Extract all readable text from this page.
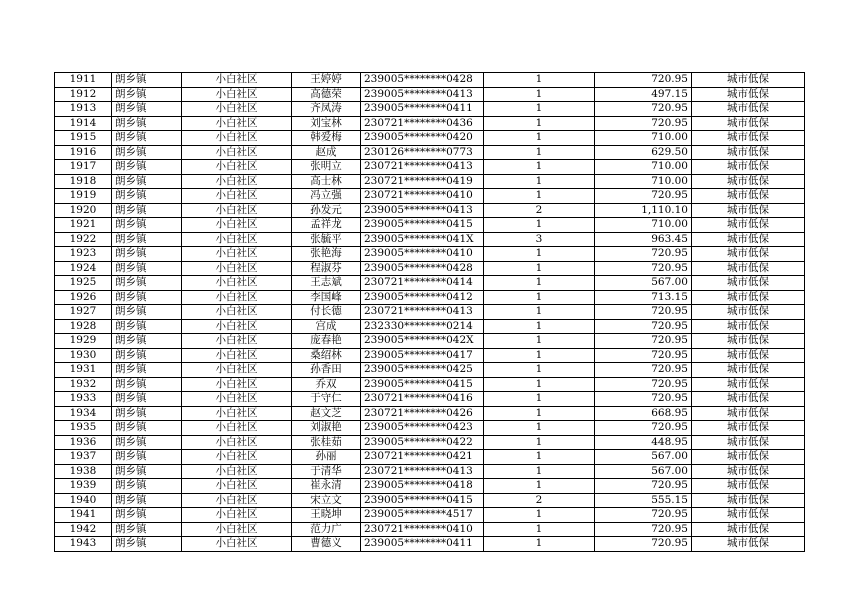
1911	朗乡镇	小白社区	王婷婷	239005********0428	1	720.95	城市低保
1912	朗乡镇	小白社区	高德荣	239005********0413	1	497.15	城市低保
1913	朗乡镇	小白社区	齐凤涛	239005********0411	1	720.95	城市低保
1914	朗乡镇	小白社区	刘宝林	230721********0436	1	720.95	城市低保
1915	朗乡镇	小白社区	韩爱梅	239005********0420	1	710.00	城市低保
1916	朗乡镇	小白社区	赵成	230126********0773	1	629.50	城市低保
1917	朗乡镇	小白社区	张明立	230721********0413	1	710.00	城市低保
1918	朗乡镇	小白社区	高士林	230721********0419	1	710.00	城市低保
1919	朗乡镇	小白社区	冯立强	230721********0410	1	720.95	城市低保
1920	朗乡镇	小白社区	孙发元	239005********0413	2	1,110.10	城市低保
1921	朗乡镇	小白社区	孟祥龙	239005********0415	1	710.00	城市低保
1922	朗乡镇	小白社区	张毓平	239005********041X	3	963.45	城市低保
1923	朗乡镇	小白社区	张艳海	239005********0410	1	720.95	城市低保
1924	朗乡镇	小白社区	程淑芬	239005********0428	1	720.95	城市低保
1925	朗乡镇	小白社区	王志斌	230721********0414	1	567.00	城市低保
1926	朗乡镇	小白社区	李国峰	239005********0412	1	713.15	城市低保
1927	朗乡镇	小白社区	付长德	230721********0413	1	720.95	城市低保
1928	朗乡镇	小白社区	宫成	232330********0214	1	720.95	城市低保
1929	朗乡镇	小白社区	庞春艳	239005********042X	1	720.95	城市低保
1930	朗乡镇	小白社区	桑绍林	239005********0417	1	720.95	城市低保
1931	朗乡镇	小白社区	孙香田	239005********0425	1	720.95	城市低保
1932	朗乡镇	小白社区	乔双	239005********0415	1	720.95	城市低保
1933	朗乡镇	小白社区	于守仁	230721********0416	1	720.95	城市低保
1934	朗乡镇	小白社区	赵文芝	230721********0426	1	668.95	城市低保
1935	朗乡镇	小白社区	刘淑艳	239005********0423	1	720.95	城市低保
1936	朗乡镇	小白社区	张桂茹	239005********0422	1	448.95	城市低保
1937	朗乡镇	小白社区	孙丽	230721********0421	1	567.00	城市低保
1938	朗乡镇	小白社区	于清华	230721********0413	1	567.00	城市低保
1939	朗乡镇	小白社区	崔永清	239005********0418	1	720.95	城市低保
1940	朗乡镇	小白社区	宋立文	239005********0415	2	555.15	城市低保
1941	朗乡镇	小白社区	王晓坤	239005********4517	1	720.95	城市低保
1942	朗乡镇	小白社区	范力广	230721********0410	1	720.95	城市低保
1943	朗乡镇	小白社区	曹德义	239005********0411	1	720.95	城市低保
